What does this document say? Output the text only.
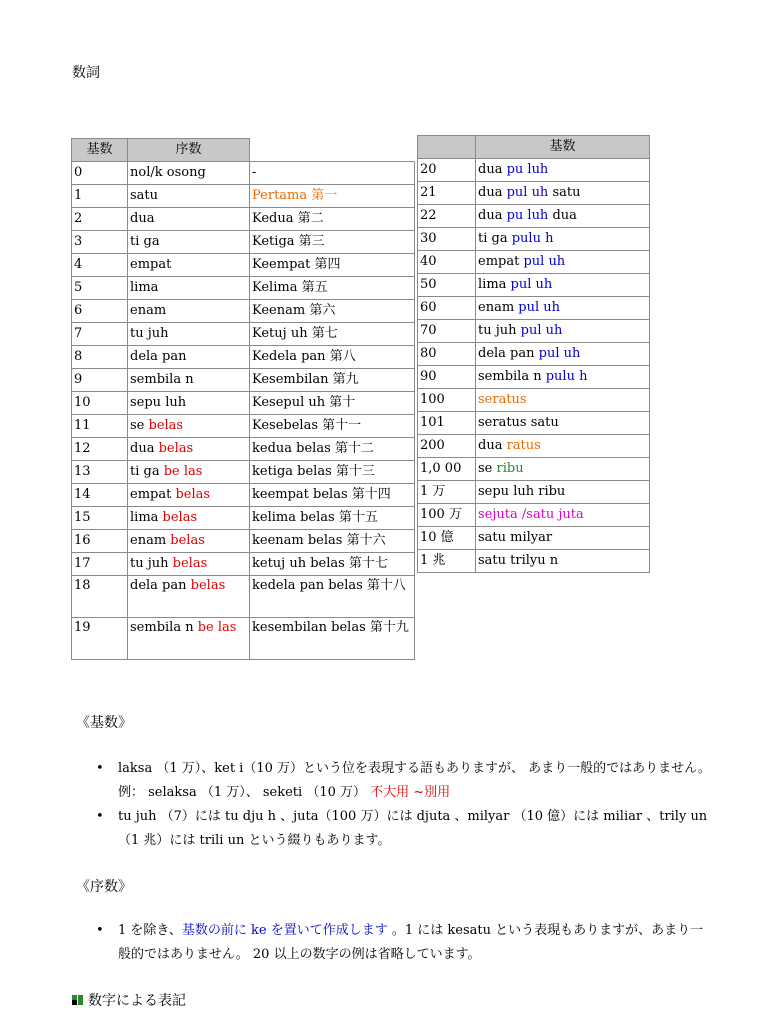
数詞
基数	序数	
0	nol/k osong	-
1	satu	Pertama 第一
2	dua	Kedua 第二
3	ti ga	Ketiga 第三
4	empat	Keempat 第四
5	lima	Kelima 第五
6	enam	Keenam 第六
7	tu juh	Ketuj uh 第七
8	dela pan	Kedela pan 第八
9	sembila n	Kesembilan 第九
10	sepu luh	Kesepul uh 第十
11	se belas	Kesebelas 第十一
12	dua belas	kedua belas 第十二
13	ti ga be las	ketiga belas 第十三
14	empat belas	keempat belas 第十四
15	lima belas	kelima belas 第十五
16	enam belas	keenam belas 第十六
17	tu juh belas	ketuj uh belas 第十七
18	dela pan belas	kedela pan belas 第十八
19	sembila n be las	kesembilan belas 第十九
	基数
20	dua pu luh
21	dua pul uh satu
22	dua pu luh dua
30	ti ga pulu h
40	empat pul uh
50	lima pul uh
60	enam pul uh
70	tu juh pul uh
80	dela pan pul uh
90	sembila n pulu h
100	seratus
101	seratus satu
200	dua ratus
1,0 00	se ribu
1 万	sepu luh ribu
100 万	sejuta /satu juta
10 億	satu milyar
1 兆	satu trilyu n
《基数》
• laksa （1 万）、ket i（10 万）という位を表現する語もありますが、 あまり一般的ではありません。例： selaksa （1 万）、 seketi （10 万） 不大用 ~別用
• tu juh （7）には tu dju h 、juta（100 万）には djuta 、milyar （10 億）には miliar 、trily un（1 兆）には trili un という綴りもあります。
《序数》
• 1 を除き、基数の前に ke を置いて作成します 。1 には kesatu という表現もありますが、あまり一般的ではありません。 20 以上の数字の例は省略しています。
数字による表記
